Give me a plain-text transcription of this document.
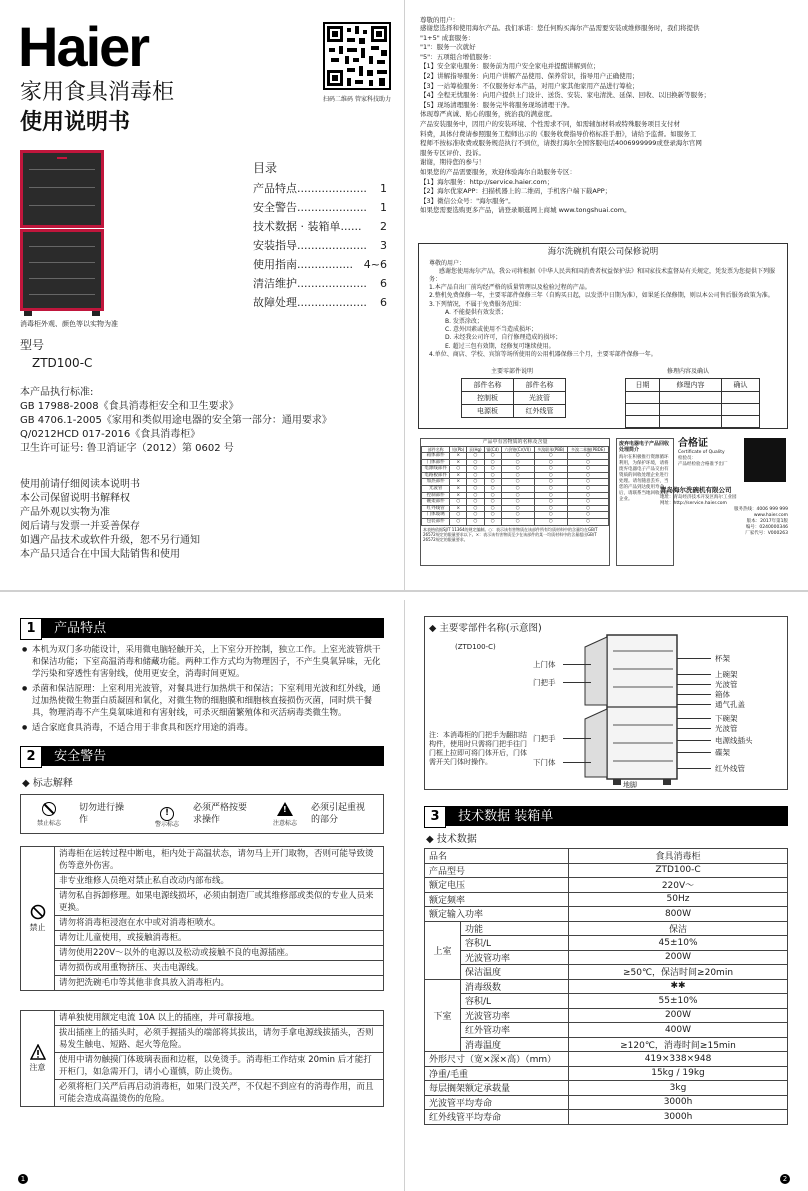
Haier
家用食具消毒柜
使用说明书
扫码二维码 管家科技助力
目录
产品特点 ....................	1
安全警告 ....................	1
技术数据 · 装箱单 ......	2
安装指导 ....................	3
使用指南 ................ 4~6
清洁维护 ....................	6
故障处理 ....................	6
消毒柜外观、颜色等以实物为准
型号
ZTD100-C
本产品执行标准:
GB 17988-2008《食具消毒柜安全和卫生要求》
GB 4706.1-2005《家用和类似用途电器的安全第一部分：通用要求》
Q/0212HCD 017-2016《食具消毒柜》
卫生许可证号: 鲁卫消证字（2012）第 0602 号
使用前请仔细阅读本说明书
本公司保留说明书解释权
产品外观以实物为准
阅后请与发票一并妥善保存
如遇产品技术或软件升级，恕不另行通知
本产品只适合在中国大陆销售和使用
尊敬的用户：
感谢您选择和使用海尔产品。我们承诺：您任何购买海尔产品需要安装或维修服务时，我们将提供
"1+5" 成套服务：
"1"：服务一次就好
"5"：五项组合增值服务：
【1】安全家电服务：服务前为用户安全家电并提醒讲解到位；
【2】讲解指导服务：向用户讲解产品使用、保养常识，指导用户正确使用；
【3】一站筹检服务：不仅服务好本产品，对用户家其他家用产品进行筹检；
【4】全程无忧服务：向用户提供上门设计、送货、安装、家电清洗、延保、回收、以旧换新等服务；
【5】现场清理服务：服务完毕将服务现场清理干净。
体现尊严真诚、贴心的服务，统治我的满意度。
产品安装服务中，因用户的安装环境、个性需求不同，如需辅加材料或特殊服务项目支付材
料费，具体付费请参照服务工程师出示的《服务收费指导价格标准手册》，请给予监督。如服务工
程师不按标准收费或服务规范执行不到位，请拨打海尔全国客服电话4006999999或登录海尔官网
服务专区评价、投诉。
谢谢，期待您的参与！
如果您的产品需要服务，欢迎体验海尔自助服务专区：
【1】海尔服务：http://service.haier.com；
【2】海尔优家APP：扫描机器上的二维码，手机客户端下载APP；
【3】微信公众号："海尔服务"。
如果您需要选购更多产品，请登录顺逛网上商城 www.tongshuai.com。
海尔洗碗机有限公司保修说明
尊敬的用户：
感谢您使用海尔产品，我公司将根据《中华人民共和国消费者权益保护法》和国家技术监督局有关规定，凭发票为您提供下列服务：
1.本产品自出厂前均经严格的质量管理以及检验过程的产品。
2.整机免费保修一年，主要零部件保修三年（自购买日起，以发票中日期为准），如果延长保修期，则以本公司售后服务政策为准。
3.下列情况，不属于免费服务范围：
A. 不能提供有效发票；
B. 发票涂改；
C. 意外因素或使用不当造成损坏；
D. 未经我公司许可，自行修理造成的损坏；
E. 超过三包有效期，经修复可继续使用。
4.单位、商店、学校、宾馆等场所使用的公用机器保修三个月，主要零部件保修一年。
主要零部件说明	修理内容及确认
部件名称	部件名称
控制板	光波管
电源板	红外线管
日期	修理内容	确认

产品中有害物质的名称及含量
部件名称	铅(Pb)	汞(Hg)	镉(Cd)	六价铬(Cr(VI))	多溴联苯(PBB)	多溴二苯醚(PBDE)
箱体部件	×	○	○	○	○	○
门体部件	×	○	○	○	○	○
电源线部件	○	○	○	○	○	○
电路板部件	×	○	○	○	○	○
加热部件	×	○	○	○	○	○
光波管	×	○	○	○	○	○
控制部件	×	○	○	○	○	○
碗架部件	○	○	○	○	○	○
红外线管	×	○	○	○	○	○
门体玻璃	○	○	○	○	○	○
包装部件	○	○	○	○	○	○
本表格依据SJ/T 11364的规定编制。○：表示该有害物质在该部件所有均质材料中的含量均在GB/T 26572规定的限量要求以下。×：表示该有害物质至少在该部件的某一均质材料中的含量超出GB/T 26572规定的限量要求。
废弃电器电子产品回收处理简介
海尔在积极推行资源循环利用，为保护环境，请将废弃电器电子产品交由有资质的回收处理企业进行处理。请勿随意丢弃，当您的产品到达使用寿命后，请联系当地回收处理企业。
合格证
Certificate of Quality
检验员：
产品经检验合格准予出厂
青岛海尔洗碗机有限公司
地址：青岛经济技术开发区海尔工业园
网址：http://service.haier.com
服务热线：4006 999 999
www.haier.com
版本：2017年第1版
编号：0240000346
厂家代号：V000263
1 产品特点
● 本机为双门多功能设计，采用微电脑轻触开关，上下室分开控制，独立工作。上室光波管烘干和保洁功能；下室高温消毒和储藏功能。两种工作方式均为物理因子，不产生臭氧异味，无化学污染和穿透性有害射线，使用更安全，消毒时间更短。
● 杀菌和保洁原理：上室利用光波管，对餐具进行加热烘干和保洁；下室利用光波和红外线，通过加热使微生物蛋白质凝固和氧化，对微生物的细胞膜和细胞核直接损伤灭菌，同时烘干餐具，物理消毒不产生臭氧味道和有害射线，可杀灭细菌繁殖体和灭活病毒类微生物。
● 适合家庭食具消毒，不适合用于非食具和医疗用途的消毒。
2 安全警告
◆ 标志解释
禁止标志
切勿进行操作
!
警示标志
必须严格按要求操作
!
注意标志
必须引起重视的部分
禁止
	消毒柜在运转过程中断电，柜内处于高温状态，请勿马上开门取物，否则可能导致烫伤等意外伤害。
非专业维修人员绝对禁止私自改动内部布线。
请勿私自拆卸修理。如果电源线损坏，必须由制造厂或其维修部或类似的专业人员来更换。
请勿将消毒柜浸泡在水中或对消毒柜喷水。
请勿让儿童使用，或接触消毒柜。
请勿使用220V～以外的电源以及松动或接触不良的电源插座。
请勿损伤或用重物挤压、夹击电源线。
请勿把洗碗毛巾等其他非食具放入消毒柜内。
注意
	请单独使用额定电流 10A 以上的插座，并可靠接地。
拔出插座上的插头时，必须手握插头的端部将其拔出，请勿手拿电源线拔插头，否则易发生触电、短路、起火等危险。
使用中请勿触摸门体玻璃表面和边框，以免烫手。消毒柜工作结束 20min 后才能打开柜门，如急需开门，请小心谨慎，防止烫伤。
必须将柜门关严后再启动消毒柜，如果门没关严，不仅起不到应有的消毒作用，而且可能会造成高温烫伤的危险。
◆ 主要零部件名称(示意图)
(ZTD100-C)
上门体
门把手
门把手
下门体
杯架
上碗架
光波管
箱体
通气孔盖
下碗架
光波管
电源线插头
碟架
红外线管
地脚
注：本消毒柜的门把手为翻扣结构件，使用时只需将门把手往门门框上拉即可将门体开后，门体需开关门体时操作。
3 技术数据 装箱单
◆ 技术数据
品名		食具消毒柜
产品型号		ZTD100-C
额定电压		220V～
额定频率		50Hz
额定输入功率		800W
上室	功能	保洁
	容积/L	45±10%
	光波管功率	200W
	保洁温度	≥50℃，保洁时间≥20min
下室	消毒级数	✱✱
	容积/L	55±10%
	光波管功率	200W
	红外管功率	400W
	消毒温度	≥120℃，消毒时间≥15min
外形尺寸（宽×深×高）（mm）		419×338×948
净重/毛重		15kg / 19kg
每层搁架额定承载量		3kg
光波管平均寿命		3000h
红外线管平均寿命		3000h
1	2
